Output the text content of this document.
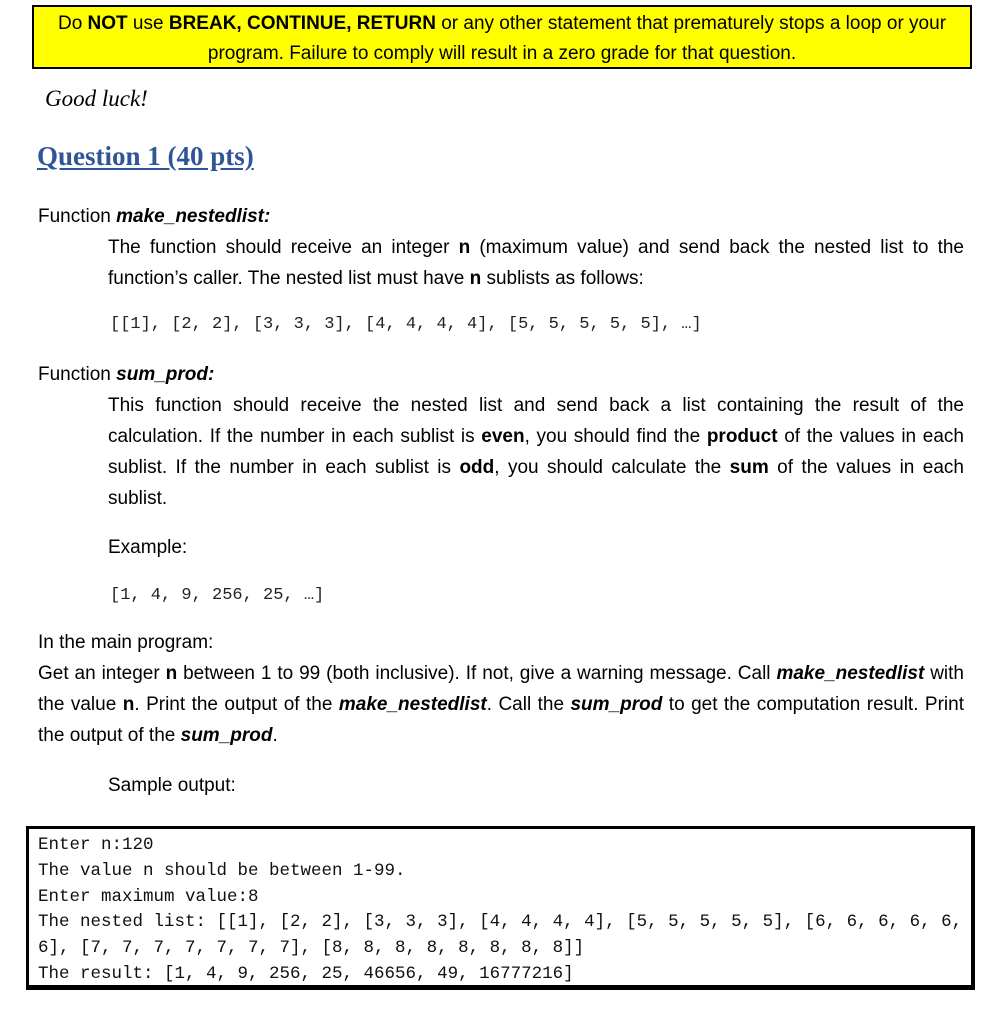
Do NOT use BREAK, CONTINUE, RETURN or any other statement that prematurely stops a loop or your program. Failure to comply will result in a zero grade for that question.
Good luck!
Question 1 (40 pts)
Function make_nestedlist:

The function should receive an integer n (maximum value) and send back the nested list to the function’s caller. The nested list must have n sublists as follows:

[[1], [2, 2], [3, 3, 3], [4, 4, 4, 4], [5, 5, 5, 5, 5], …]
Function sum_prod:

This function should receive the nested list and send back a list containing the result of the calculation. If the number in each sublist is even, you should find the product of the values in each sublist. If the number in each sublist is odd, you should calculate the sum of the values in each sublist.

Example:
[1, 4, 9, 256, 25, …]
In the main program:

Get an integer n between 1 to 99 (both inclusive). If not, give a warning message. Call make_nestedlist with the value n. Print the output of the make_nestedlist. Call the sum_prod to get the computation result. Print the output of the sum_prod.

Sample output:
Enter n:120
The value n should be between 1-99.
Enter maximum value:8
The nested list: [[1], [2, 2], [3, 3, 3], [4, 4, 4, 4], [5, 5, 5, 5, 5], [6, 6, 6, 6, 6, 6], [7, 7, 7, 7, 7, 7, 7], [8, 8, 8, 8, 8, 8, 8, 8]]
The result: [1, 4, 9, 256, 25, 46656, 49, 16777216]
